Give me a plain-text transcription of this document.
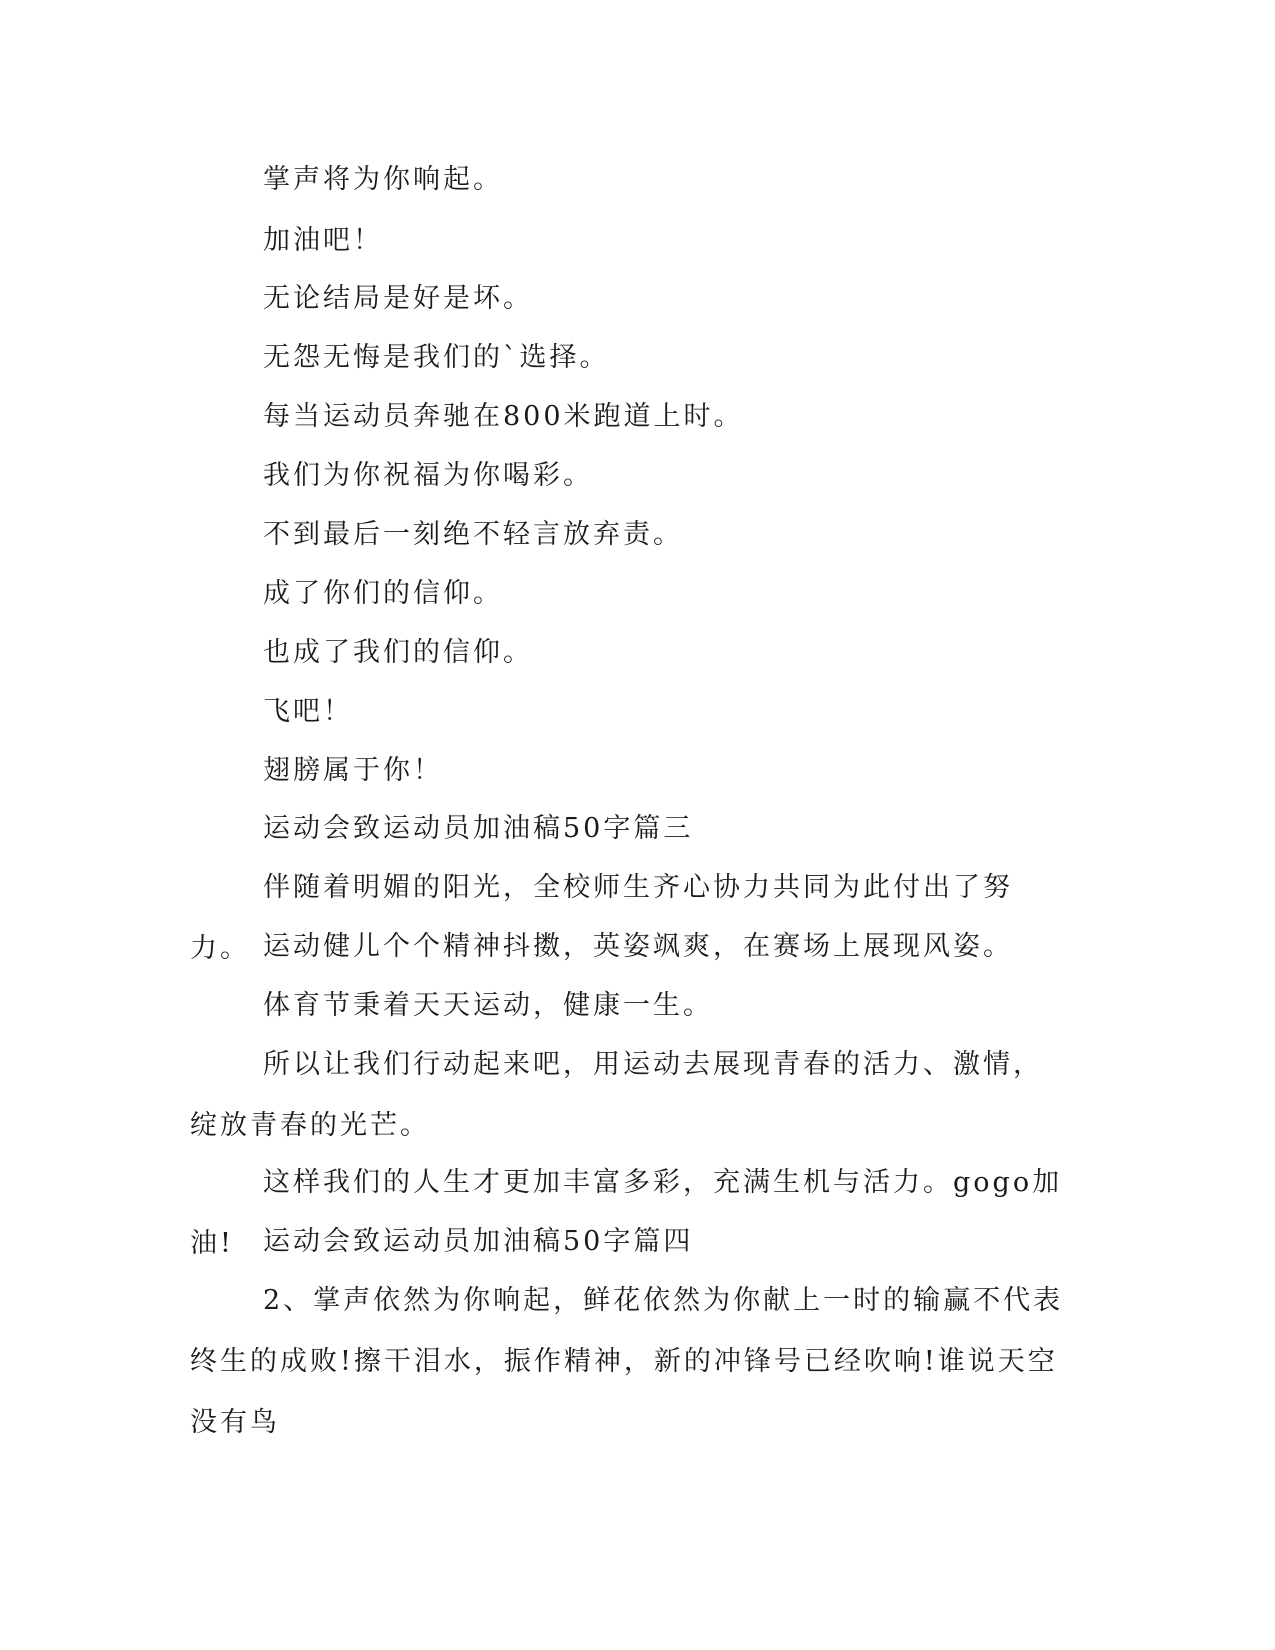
掌声将为你响起。

加油吧！

无论结局是好是坏。

无怨无悔是我们的`选择。

每当运动员奔驰在800米跑道上时。

我们为你祝福为你喝彩。

不到最后一刻绝不轻言放弃责。

成了你们的信仰。

也成了我们的信仰。

飞吧！

翅膀属于你！

运动会致运动员加油稿50字篇三

伴随着明媚的阳光，全校师生齐心协力共同为此付出了努力。 运动健儿个个精神抖擞，英姿飒爽，在赛场上展现风姿。

体育节秉着天天运动，健康一生。

所以让我们行动起来吧，用运动去展现青春的活力、激情，绽放青春的光芒。

这样我们的人生才更加丰富多彩，充满生机与活力。gogo加油!	运动会致运动员加油稿50字篇四

2、掌声依然为你响起，鲜花依然为你献上一时的输赢不代表终生的成败!擦干泪水，振作精神，新的冲锋号已经吹响!谁说天空没有鸟
